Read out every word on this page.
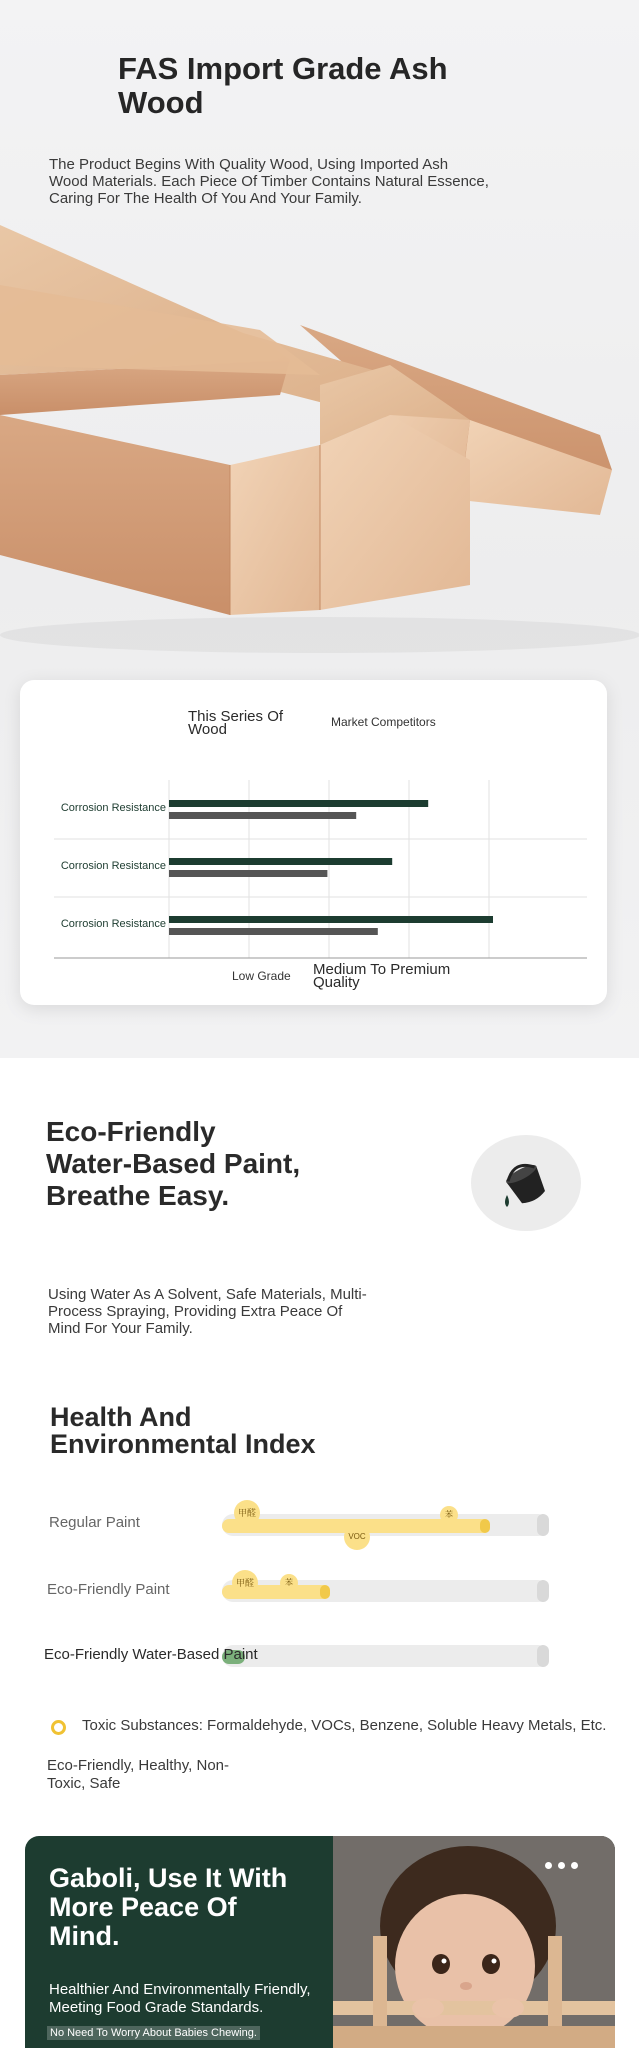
FAS Import Grade Ash Wood

The Product Begins With Quality Wood, Using Imported Ash Wood Materials. Each Piece Of Timber Contains Natural Essence, Caring For The Health Of You And Your Family.

This Series Of
Wood	Market Competitors
Corrosion Resistance
Corrosion Resistance
Corrosion Resistance
Low Grade Medium To Premium
Quality
Eco-Friendly Water-Based Paint, Breathe Easy.

Using Water As A Solvent, Safe Materials, Multi-Process Spraying, Providing Extra Peace Of Mind For Your Family.

Health And Environmental Index
Regular Paint
甲醛	苯
VOC
Eco-Friendly Paint	甲醛	苯
Eco-Friendly Water-Based Paint

Toxic Substances: Formaldehyde, VOCs, Benzene, Soluble Heavy Metals, Etc.

Eco-Friendly, Healthy, Non-Toxic, Safe

Gaboli, Use It With More Peace Of Mind.

Healthier And Environmentally Friendly, Meeting Food Grade Standards.

No Need To Worry About Babies Chewing.
